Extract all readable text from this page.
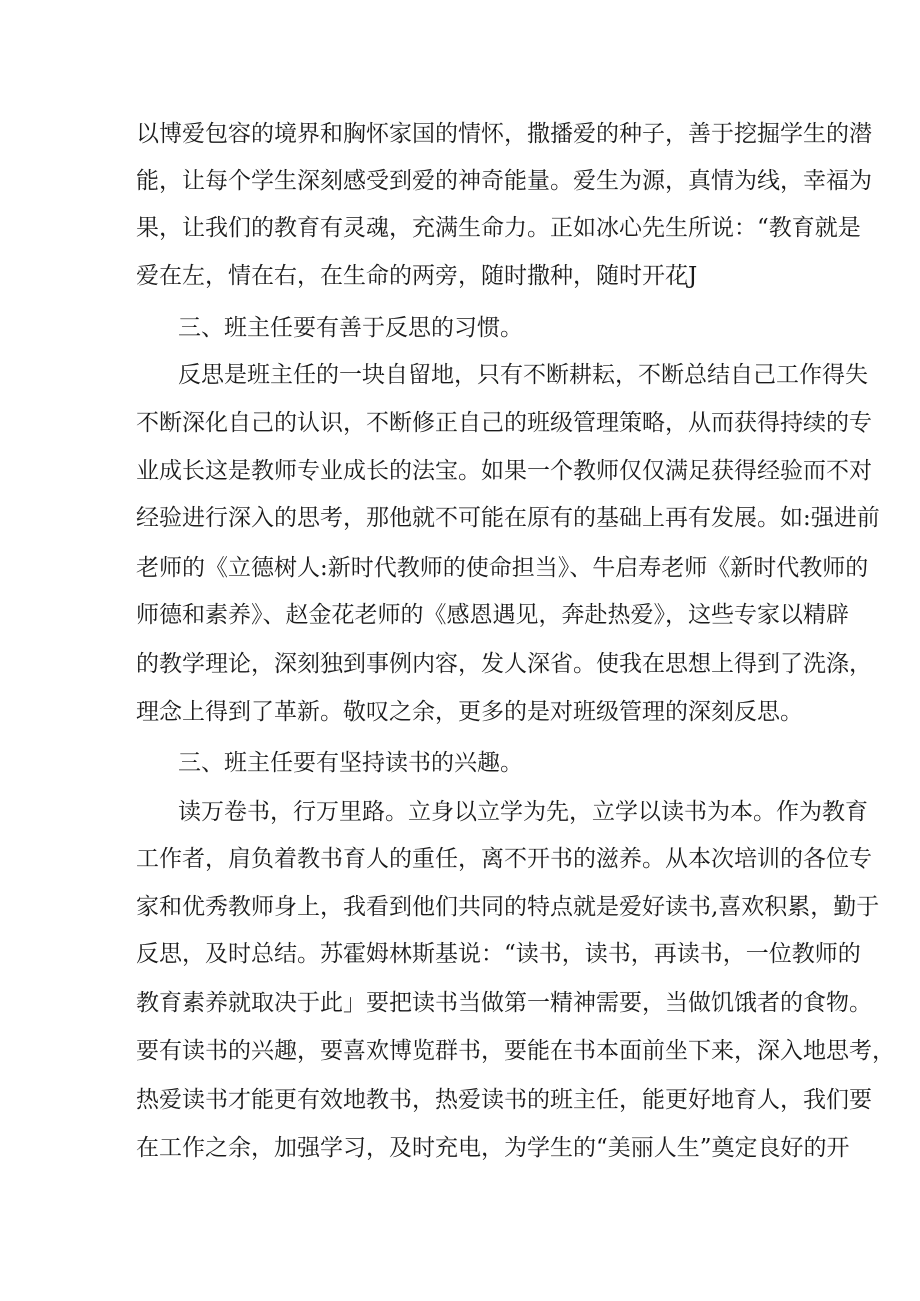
以博爱包容的境界和胸怀家国的情怀，撒播爱的种子，善于挖掘学生的潜
能，让每个学生深刻感受到爱的神奇能量。爱生为源，真情为线，幸福为
果，让我们的教育有灵魂，充满生命力。正如冰心先生所说：“教育就是
爱在左，情在右，在生命的两旁，随时撒种，随时开花J
三、班主任要有善于反思的习惯。
反思是班主任的一块自留地，只有不断耕耘，不断总结自己工作得失
不断深化自己的认识，不断修正自己的班级管理策略，从而获得持续的专
业成长这是教师专业成长的法宝。如果一个教师仅仅满足获得经验而不对
经验进行深入的思考，那他就不可能在原有的基础上再有发展。如:强进前
老师的《立德树人:新时代教师的使命担当》、牛启寿老师《新时代教师的
师德和素养》、赵金花老师的《感恩遇见，奔赴热爱》，这些专家以精辟
的教学理论，深刻独到事例内容，发人深省。使我在思想上得到了洗涤，
理念上得到了革新。敬叹之余，更多的是对班级管理的深刻反思。
三、班主任要有坚持读书的兴趣。
读万卷书，行万里路。立身以立学为先，立学以读书为本。作为教育
工作者，肩负着教书育人的重任，离不开书的滋养。从本次培训的各位专
家和优秀教师身上，我看到他们共同的特点就是爱好读书,喜欢积累，勤于
反思，及时总结。苏霍姆林斯基说：“读书，读书，再读书，一位教师的
教育素养就取决于此」要把读书当做第一精神需要，当做饥饿者的食物。
要有读书的兴趣，要喜欢博览群书，要能在书本面前坐下来，深入地思考，
热爱读书才能更有效地教书，热爱读书的班主任，能更好地育人，我们要
在工作之余，加强学习，及时充电，为学生的“美丽人生”奠定良好的开
